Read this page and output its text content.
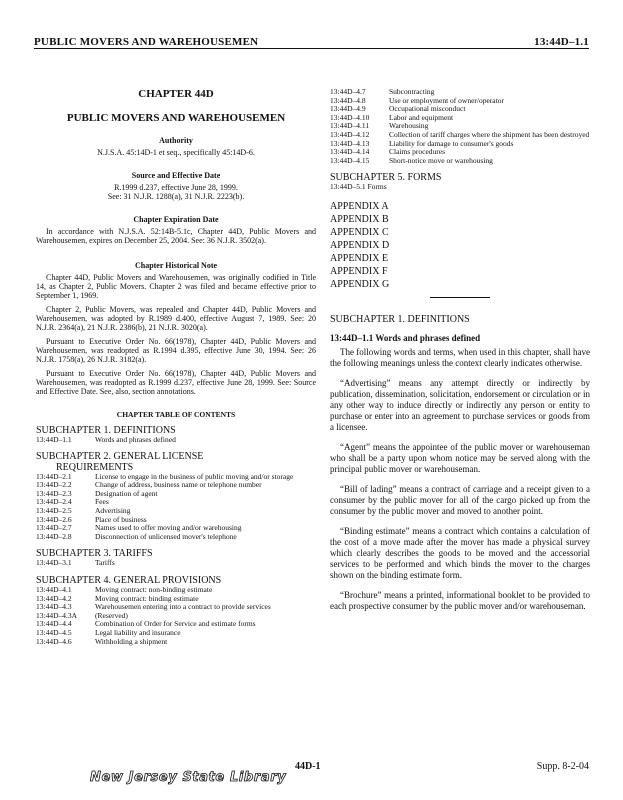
PUBLIC MOVERS AND WAREHOUSEMEN	13:44D–1.1
CHAPTER 44D
PUBLIC MOVERS AND WAREHOUSEMEN
Authority
N.J.S.A. 45:14D-1 et seq., specifically 45:14D-6.
Source and Effective Date
R.1999 d.237, effective June 28, 1999.
See: 31 N.J.R. 1288(a), 31 N.J.R. 2223(b).
Chapter Expiration Date

In accordance with N.J.S.A. 52:14B-5.1c, Chapter 44D, Public Movers and Warehousemen, expires on December 25, 2004. See: 36 N.J.R. 3502(a).

Chapter Historical Note

Chapter 44D, Public Movers and Warehousemen, was originally codified in Title 14, as Chapter 2, Public Movers. Chapter 2 was filed and became effective prior to September 1, 1969.

Chapter 2, Public Movers, was repealed and Chapter 44D, Public Movers and Warehousemen, was adopted by R.1989 d.400, effective August 7, 1989. See: 20 N.J.R. 2364(a), 21 N.J.R. 2386(b), 21 N.J.R. 3020(a).

Pursuant to Executive Order No. 66(1978), Chapter 44D, Public Movers and Warehousemen, was readopted as R.1994 d.395, effective June 30, 1994. See: 26 N.J.R. 1758(a), 26 N.J.R. 3182(a).

Pursuant to Executive Order No. 66(1978), Chapter 44D, Public Movers and Warehousemen, was readopted as R.1999 d.237, effective June 28, 1999. See: Source and Effective Date. See, also, section annotations.

CHAPTER TABLE OF CONTENTS
SUBCHAPTER 1. DEFINITIONS
13:44D–1.1	Words and phrases defined
SUBCHAPTER 2. GENERAL LICENSE
REQUIREMENTS
13:44D–2.1	License to engage in the business of public moving and/or storage
13:44D–2.2	Change of address, business name or telephone number
13:44D–2.3	Designation of agent
13:44D–2.4	Fees
13:44D–2.5	Advertising
13:44D–2.6	Place of business
13:44D–2.7	Names used to offer moving and/or warehousing
13:44D–2.8	Disconnection of unlicensed mover's telephone
SUBCHAPTER 3. TARIFFS
13:44D–3.1	Tariffs
SUBCHAPTER 4. GENERAL PROVISIONS
13:44D–4.1	Moving contract: non-binding estimate
13:44D–4.2	Moving contract: binding estimate
13:44D–4.3	Warehousemen entering into a contract to provide services
13:44D–4.3A	(Reserved)
13:44D–4.4	Combination of Order for Service and estimate forms
13:44D–4.5	Legal liability and insurance
13:44D–4.6	Withholding a shipment
13:44D–4.7	Subcontracting
13:44D–4.8	Use or employment of owner/operator
13:44D–4.9	Occupational misconduct
13:44D–4.10	Labor and equipment
13:44D–4.11	Warehousing
13:44D–4.12	Collection of tariff charges where the shipment has been destroyed
13:44D–4.13	Liability for damage to consumer's goods
13:44D–4.14	Claims procedures
13:44D–4.15	Short-notice move or warehousing
SUBCHAPTER 5. FORMS
13:44D–5.1 Forms
APPENDIX A
APPENDIX B
APPENDIX C
APPENDIX D
APPENDIX E
APPENDIX F
APPENDIX G
SUBCHAPTER 1. DEFINITIONS
13:44D–1.1 Words and phrases defined

The following words and terms, when used in this chapter, shall have the following meanings unless the context clearly indicates otherwise.

“Advertising” means any attempt directly or indirectly by publication, dissemination, solicitation, endorsement or circulation or in any other way to induce directly or indirectly any person or entity to purchase or enter into an agreement to purchase services or goods from a licensee.

“Agent” means the appointee of the public mover or warehouseman who shall be a party upon whom notice may be served along with the principal public mover or warehouseman.

“Bill of lading” means a contract of carriage and a receipt given to a consumer by the public mover for all of the cargo picked up from the consumer by the public mover and moved to another point.

“Binding estimate” means a contract which contains a calculation of the cost of a move made after the mover has made a physical survey which clearly describes the goods to be moved and the accessorial services to be performed and which binds the mover to the charges shown on the binding estimate form.

“Brochure” means a printed, informational booklet to be provided to each prospective consumer by the public mover and/or warehouseman.

44D-1	Supp. 8-2-04
New Jersey State Library
